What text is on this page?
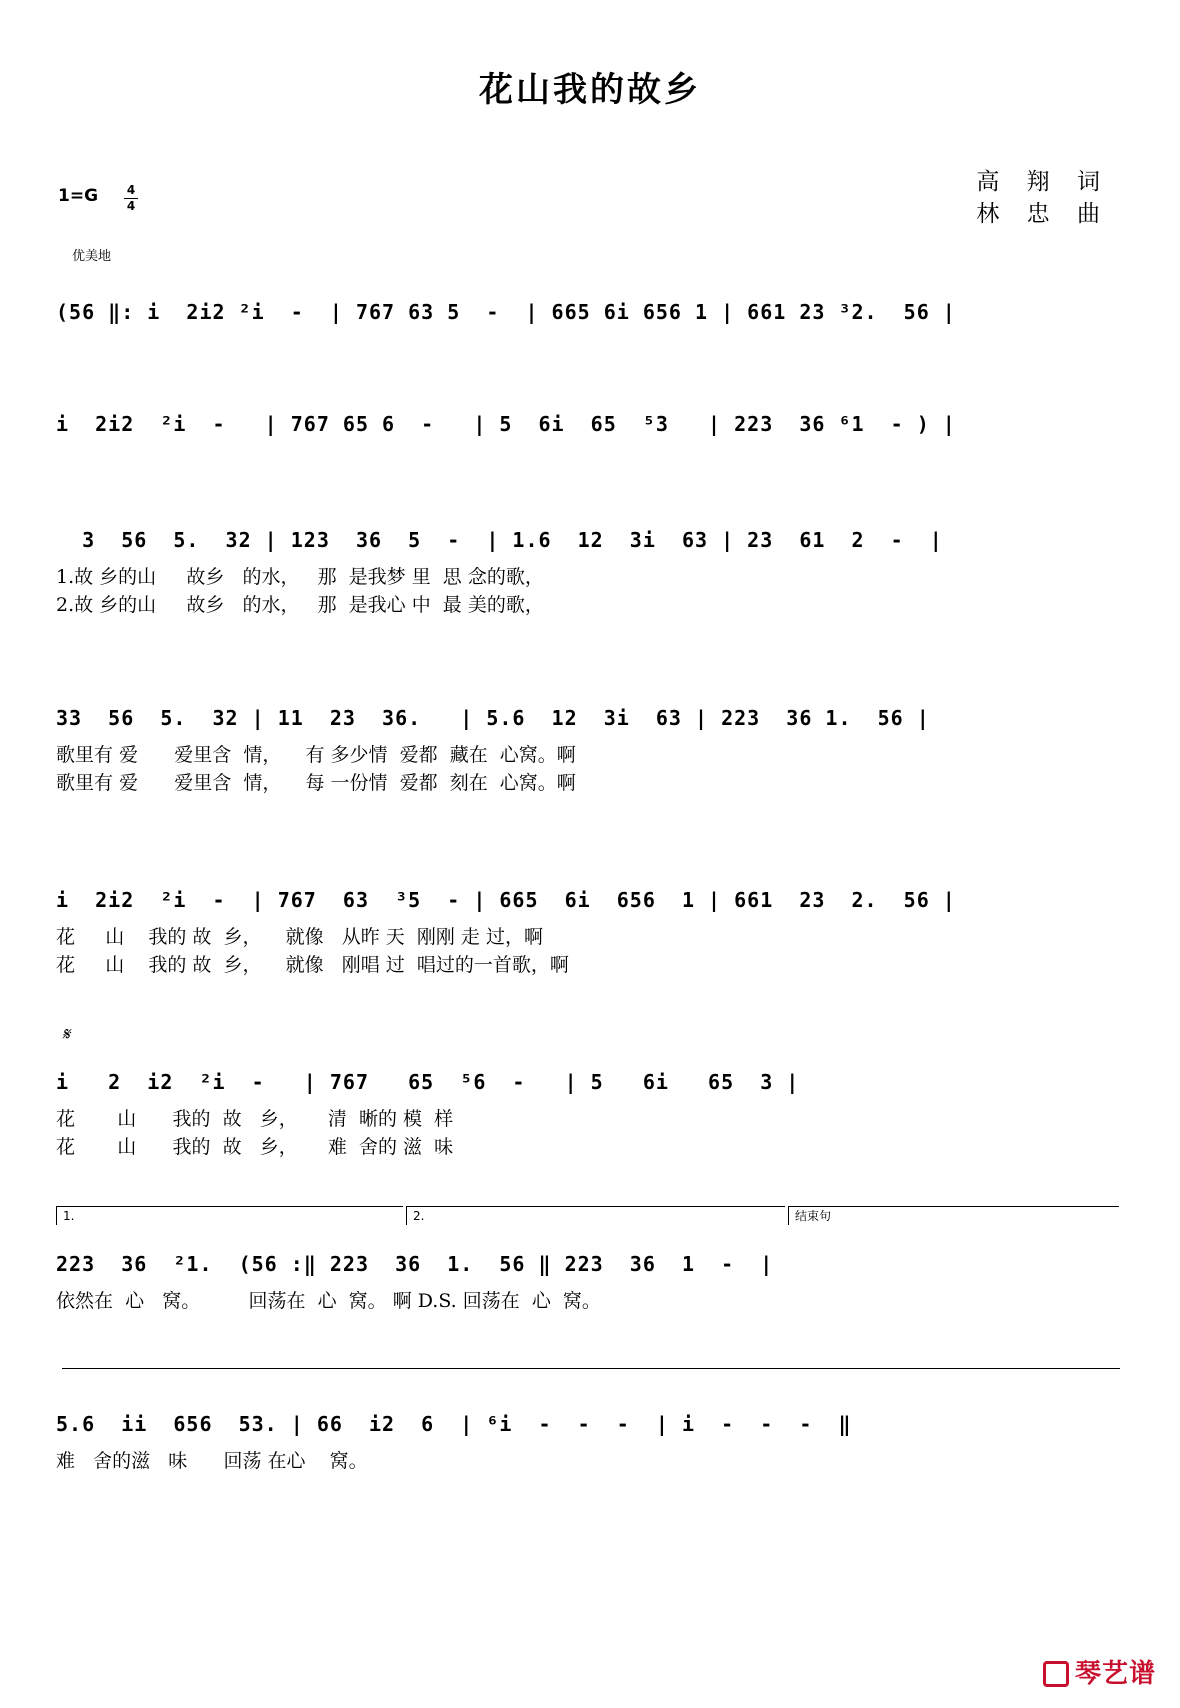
花山我的故乡
高 翔 词
林 忠 曲
1=G 4
4
优美地
(56 ‖: i  2i2 ²i  -  | 767 63 5  -  | 665 6i 656 1 | 661 23 ³2.  56 |
i  2i2  ²i  -   | 767 65 6  -   | 5  6i  65  ⁵3   | 223  36 ⁶1  - ) |
3  56  5.  32 | 123  36  5  -  | 1.6  12  3i  63 | 23  61  2  -  |
1.故 乡的山     故乡   的水，   那  是我梦 里  思 念的歌，
2.故 乡的山     故乡   的水，   那  是我心 中  最 美的歌，
33  56  5.  32 | 11  23  36.   | 5.6  12  3i  63 | 223  36 1.  56 |
歌里有 爱      爱里含  情，    有 多少情  爱都  藏在  心窝。啊
歌里有 爱      爱里含  情，    每 一份情  爱都  刻在  心窝。啊
i  2i2  ²i  -  | 767  63  ³5  - | 665  6i  656  1 | 661  23  2.  56 |
花     山    我的 故  乡，    就像   从昨 天  刚刚 走 过，啊
花     山    我的 故  乡，    就像   刚唱 过  唱过的一首歌，啊
𝄋
i   2  i2  ²i  -   | 767   65  ⁵6  -   | 5   6i   65  3 |
花       山      我的  故   乡，     清  晰的 模  样
花       山      我的  故   乡，     难  舍的 滋  味
1.	2.	结束句
223  36  ²1.  (56 :‖ 223  36  1.  56 ‖ 223  36  1  -  |
依然在  心   窝。        回荡在  心  窝。 啊 D.S. 回荡在  心  窝。
5.6  ii  656  53. | 66  i2  6  | ⁶i  -  -  -  | i  -  -  -  ‖
难   舍的滋   味      回荡 在心    窝。
琴艺谱
